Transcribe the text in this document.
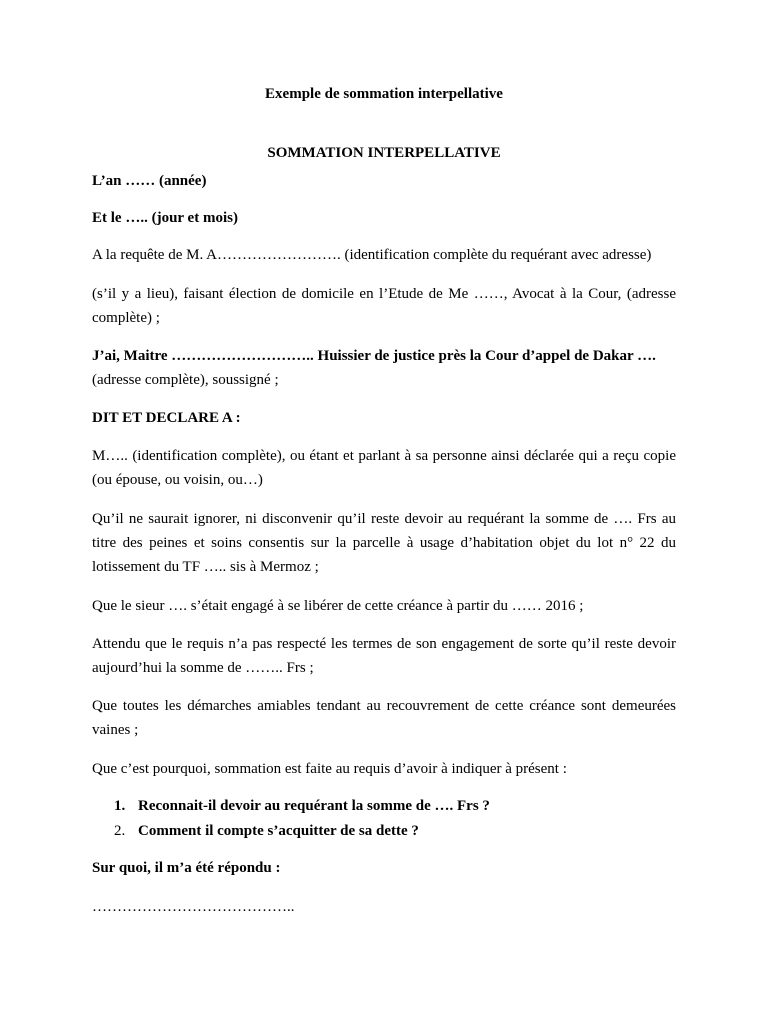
Exemple de sommation interpellative

SOMMATION INTERPELLATIVE

L’an …… (année)

Et le ….. (jour et mois)

A la requête de M. A……………………. (identification complète du requérant avec adresse)

(s’il y a lieu), faisant élection de domicile en l’Etude de Me ……, Avocat à la Cour, (adresse complète) ;

J’ai, Maitre ……………………….. Huissier de justice près la Cour d’appel de Dakar ….
(adresse complète), soussigné ;

DIT ET DECLARE A :

M….. (identification complète), ou étant et parlant à sa personne ainsi déclarée qui a reçu copie (ou épouse, ou voisin, ou…)

Qu’il ne saurait ignorer, ni disconvenir qu’il reste devoir au requérant la somme de …. Frs au titre des peines et soins consentis sur la parcelle à usage d’habitation objet du lot n° 22 du lotissement du TF ….. sis à Mermoz ;

Que le sieur …. s’était engagé à se libérer de cette créance à partir du …… 2016 ;

Attendu que le requis n’a pas respecté les termes de son engagement de sorte qu’il reste devoir aujourd’hui la somme de …….. Frs ;

Que toutes les démarches amiables tendant au recouvrement de cette créance sont demeurées vaines ;

Que c’est pourquoi, sommation est faite au requis d’avoir à indiquer à présent :

1. Reconnait-il devoir au requérant la somme de …. Frs ?
2. Comment il compte s’acquitter de sa dette ?

Sur quoi, il m’a été répondu :

…………………………………..
